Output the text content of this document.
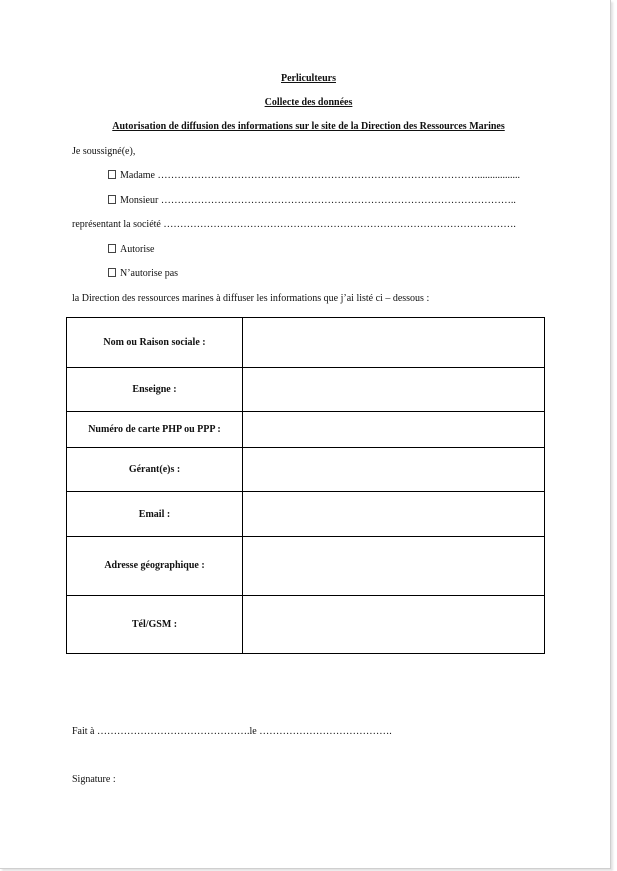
Perliculteurs
Collecte des données
Autorisation de diffusion des informations sur le site de la Direction des Ressources Marines
Je soussigné(e),
Madame …………………………………………………………………………………….................
Monsieur ……………………………………………………………………………………………..
représentant la société …………………………………………………………………………………………….
Autorise
N’autorise pas
la Direction des ressources marines à diffuser les informations que j’ai listé ci – dessous :
Nom ou Raison sociale :	
Enseigne :	
Numéro de carte PHP ou PPP :	
Gérant(e)s :	
Email :	
Adresse géographique :	
Tél/GSM :	
Fait à ……………………………………….le ………………………………….
Signature :
